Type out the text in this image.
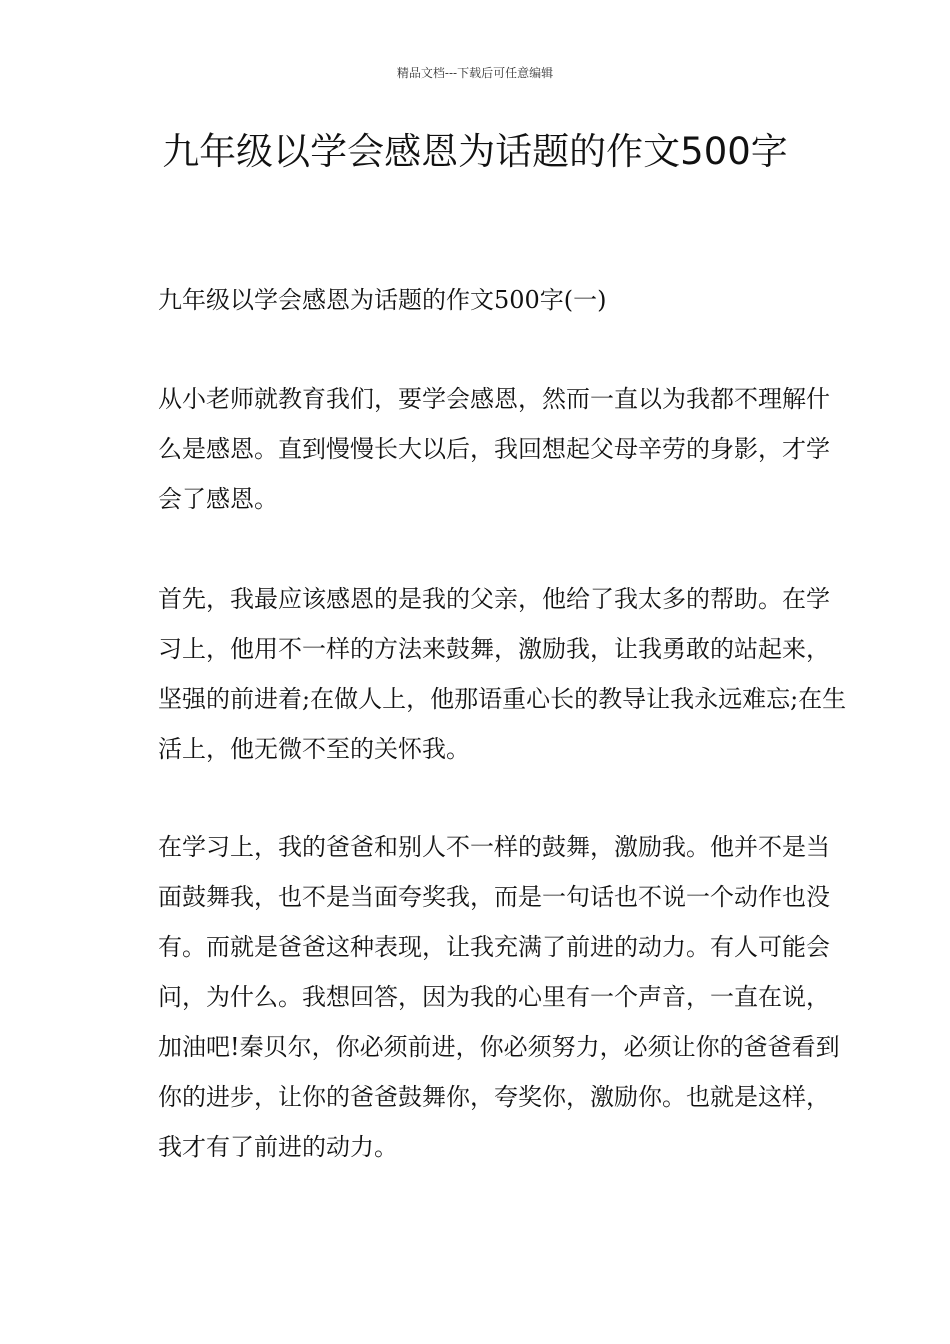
精品文档---下载后可任意编辑
九年级以学会感恩为话题的作文500字

九年级以学会感恩为话题的作文500字(一)

从小老师就教育我们，要学会感恩，然而一直以为我都不理解什么是感恩。直到慢慢长大以后，我回想起父母辛劳的身影，才学会了感恩。

首先，我最应该感恩的是我的父亲，他给了我太多的帮助。在学习上，他用不一样的方法来鼓舞，激励我，让我勇敢的站起来，坚强的前进着;在做人上，他那语重心长的教导让我永远难忘;在生活上，他无微不至的关怀我。

在学习上，我的爸爸和别人不一样的鼓舞，激励我。他并不是当面鼓舞我，也不是当面夸奖我，而是一句话也不说一个动作也没有。而就是爸爸这种表现，让我充满了前进的动力。有人可能会问，为什么。我想回答，因为我的心里有一个声音，一直在说，加油吧!秦贝尔，你必须前进，你必须努力，必须让你的爸爸看到你的进步，让你的爸爸鼓舞你，夸奖你，激励你。也就是这样，我才有了前进的动力。
